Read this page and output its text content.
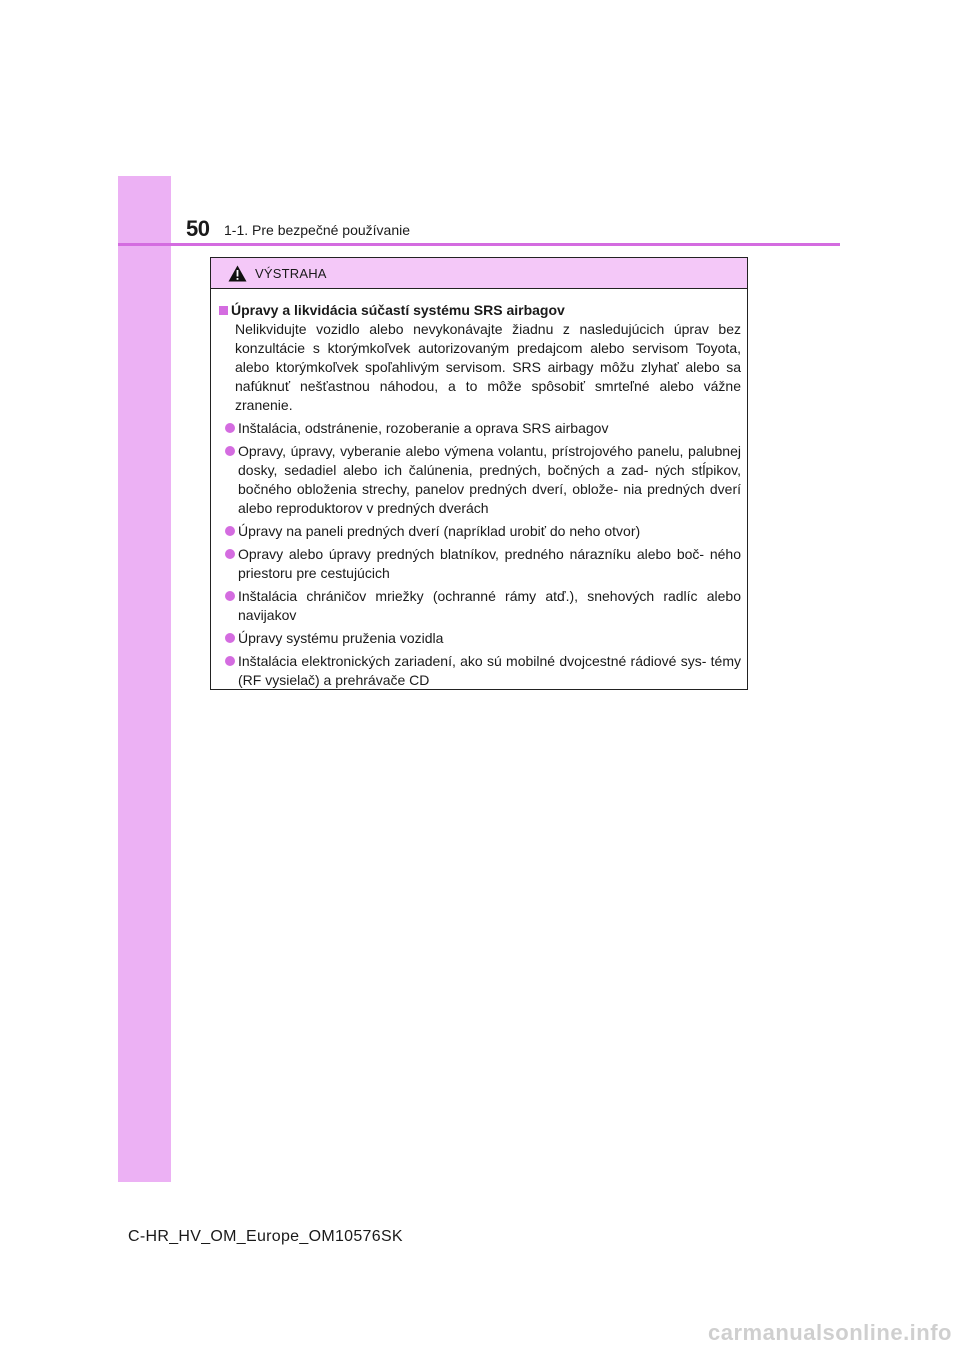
50 1-1. Pre bezpečné používanie
VÝSTRAHA
Úpravy a likvidácia súčastí systému SRS airbagov

Nelikvidujte vozidlo alebo nevykonávajte žiadnu z nasledujúcich úprav bez konzultácie s ktorýmkoľvek autorizovaným predajcom alebo servisom Toyota, alebo ktorýmkoľvek spoľahlivým servisom. SRS airbagy môžu zlyhať alebo sa nafúknuť nešťastnou náhodou, a to môže spôsobiť smrteľné alebo vážne zranenie.

Inštalácia, odstránenie, rozoberanie a oprava SRS airbagov
Opravy, úpravy, vyberanie alebo výmena volantu, prístrojového panelu, palubnej dosky, sedadiel alebo ich čalúnenia, predných, bočných a zad- ných stĺpikov, bočného obloženia strechy, panelov predných dverí, oblože- nia predných dverí alebo reproduktorov v predných dverách
Úpravy na paneli predných dverí (napríklad urobiť do neho otvor)
Opravy alebo úpravy predných blatníkov, predného nárazníku alebo boč- ného priestoru pre cestujúcich
Inštalácia chráničov mriežky (ochranné rámy atď.), snehových radlíc alebo navijakov
Úpravy systému pruženia vozidla
Inštalácia elektronických zariadení, ako sú mobilné dvojcestné rádiové sys- témy (RF vysielač) a prehrávače CD
C-HR_HV_OM_Europe_OM10576SK
carmanualsonline.info
